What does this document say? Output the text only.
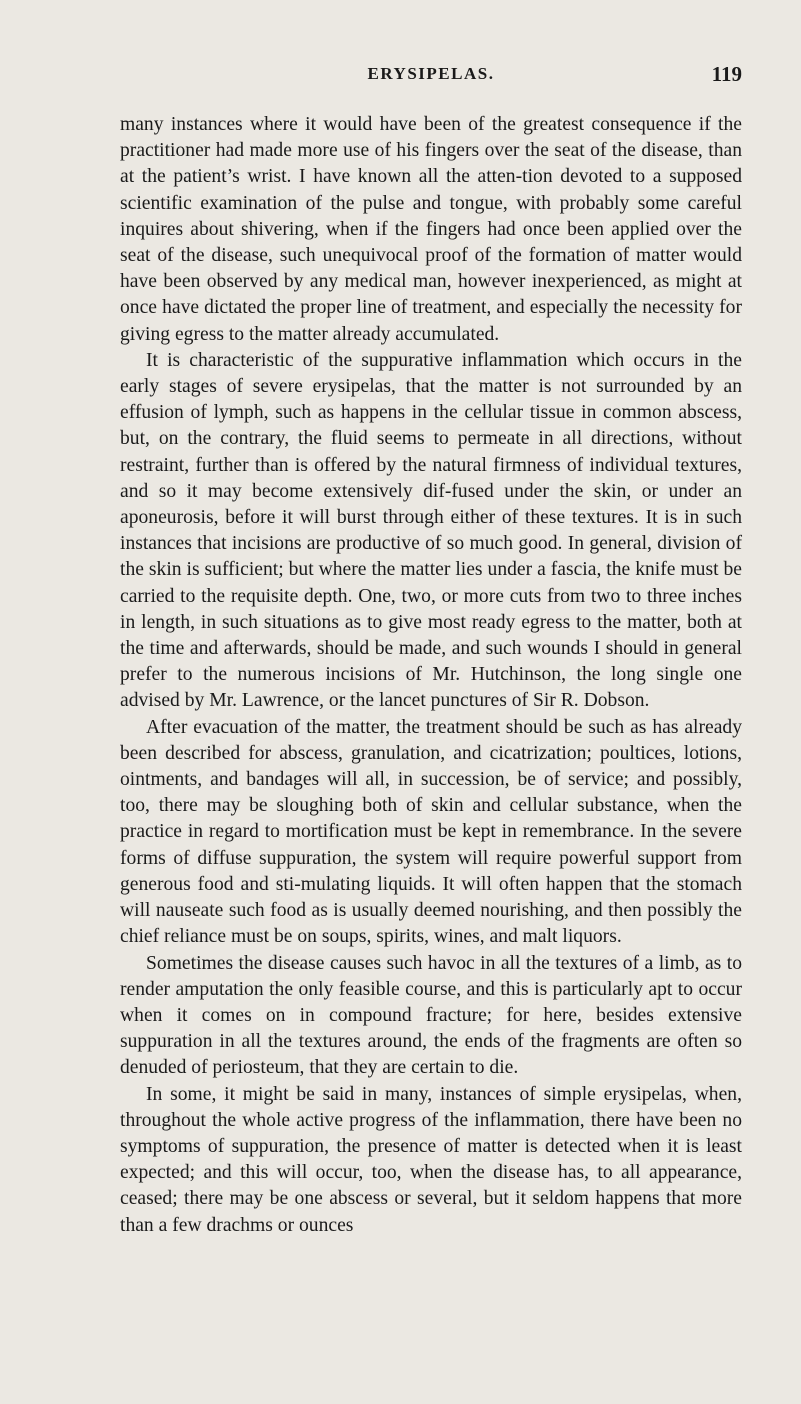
ERYSIPELAS.	119

many instances where it would have been of the greatest consequence if the practitioner had made more use of his fingers over the seat of the disease, than at the patient’s wrist. I have known all the atten-tion devoted to a supposed scientific examination of the pulse and tongue, with probably some careful inquires about shivering, when if the fingers had once been applied over the seat of the disease, such unequivocal proof of the formation of matter would have been observed by any medical man, however inexperienced, as might at once have dictated the proper line of treatment, and especially the necessity for giving egress to the matter already accumulated.

It is characteristic of the suppurative inflammation which occurs in the early stages of severe erysipelas, that the matter is not surrounded by an effusion of lymph, such as happens in the cellular tissue in common abscess, but, on the contrary, the fluid seems to permeate in all directions, without restraint, further than is offered by the natural firmness of individual textures, and so it may become extensively dif-fused under the skin, or under an aponeurosis, before it will burst through either of these textures. It is in such instances that incisions are productive of so much good. In general, division of the skin is sufficient; but where the matter lies under a fascia, the knife must be carried to the requisite depth. One, two, or more cuts from two to three inches in length, in such situations as to give most ready egress to the matter, both at the time and afterwards, should be made, and such wounds I should in general prefer to the numerous incisions of Mr. Hutchinson, the long single one advised by Mr. Lawrence, or the lancet punctures of Sir R. Dobson.

After evacuation of the matter, the treatment should be such as has already been described for abscess, granulation, and cicatrization; poultices, lotions, ointments, and bandages will all, in succession, be of service; and possibly, too, there may be sloughing both of skin and cellular substance, when the practice in regard to mortification must be kept in remembrance. In the severe forms of diffuse suppuration, the system will require powerful support from generous food and sti-mulating liquids. It will often happen that the stomach will nauseate such food as is usually deemed nourishing, and then possibly the chief reliance must be on soups, spirits, wines, and malt liquors.

Sometimes the disease causes such havoc in all the textures of a limb, as to render amputation the only feasible course, and this is particularly apt to occur when it comes on in compound fracture; for here, besides extensive suppuration in all the textures around, the ends of the fragments are often so denuded of periosteum, that they are certain to die.

In some, it might be said in many, instances of simple erysipelas, when, throughout the whole active progress of the inflammation, there have been no symptoms of suppuration, the presence of matter is detected when it is least expected; and this will occur, too, when the disease has, to all appearance, ceased; there may be one abscess or several, but it seldom happens that more than a few drachms or ounces
